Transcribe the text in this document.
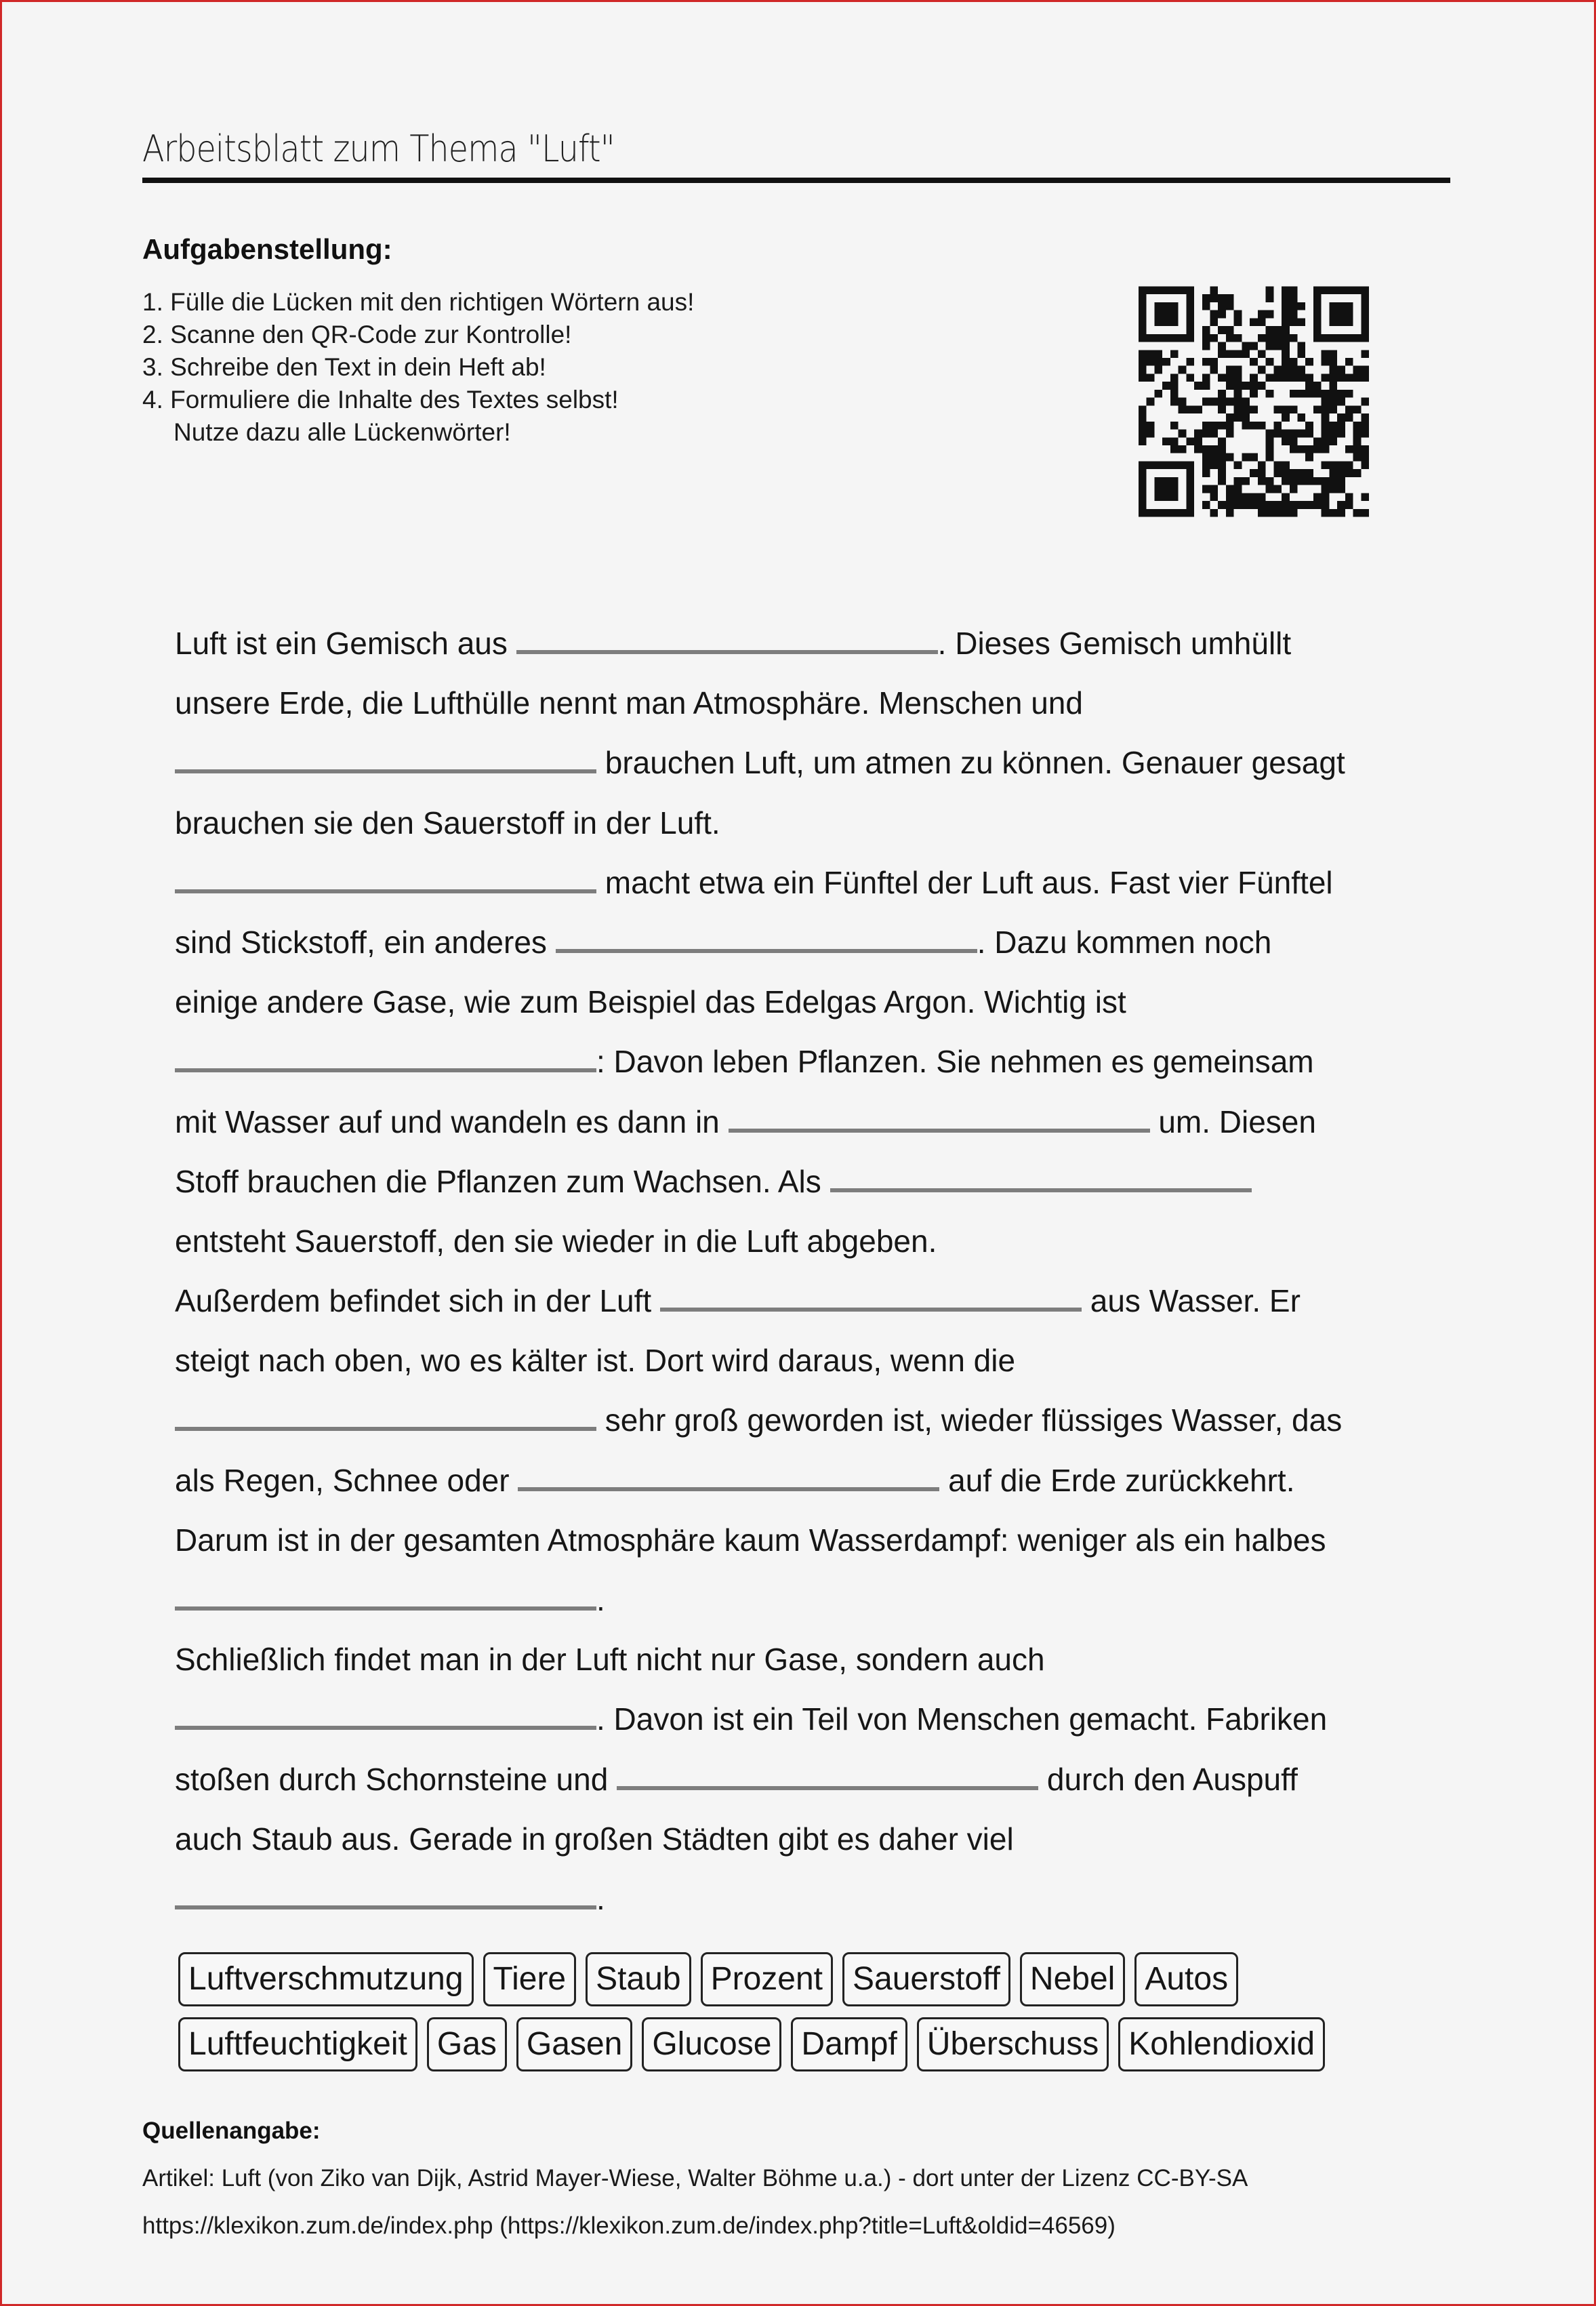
Arbeitsblatt zum Thema "Luft"
Aufgabenstellung:
1. Fülle die Lücken mit den richtigen Wörtern aus!
2. Scanne den QR-Code zur Kontrolle!
3. Schreibe den Text in dein Heft ab!
4. Formuliere die Inhalte des Textes selbst!
Nutze dazu alle Lückenwörter!
Luft ist ein Gemisch aus	. Dieses Gemisch umhüllt
unsere Erde, die Lufthülle nennt man Atmosphäre. Menschen und
brauchen Luft, um atmen zu können. Genauer gesagt
brauchen sie den Sauerstoff in der Luft.
macht etwa ein Fünftel der Luft aus. Fast vier Fünftel
sind Stickstoff, ein anderes	. Dazu kommen noch
einige andere Gase, wie zum Beispiel das Edelgas Argon. Wichtig ist
: Davon leben Pflanzen. Sie nehmen es gemeinsam
mit Wasser auf und wandeln es dann in	um. Diesen
Stoff brauchen die Pflanzen zum Wachsen. Als
entsteht Sauerstoff, den sie wieder in die Luft abgeben.
Außerdem befindet sich in der Luft	aus Wasser. Er
steigt nach oben, wo es kälter ist. Dort wird daraus, wenn die
sehr groß geworden ist, wieder flüssiges Wasser, das
als Regen, Schnee oder	auf die Erde zurückkehrt.
Darum ist in der gesamten Atmosphäre kaum Wasserdampf: weniger als ein halbes
.
Schließlich findet man in der Luft nicht nur Gase, sondern auch
. Davon ist ein Teil von Menschen gemacht. Fabriken
stoßen durch Schornsteine und	durch den Auspuff
auch Staub aus. Gerade in großen Städten gibt es daher viel
.
Luftverschmutzung Tiere Staub Prozent Sauerstoff Nebel Autos
Luftfeuchtigkeit Gas Gasen Glucose Dampf Überschuss Kohlendioxid
Quellenangabe:
Artikel: Luft (von Ziko van Dijk, Astrid Mayer-Wiese, Walter Böhme u.a.) - dort unter der Lizenz CC-BY-SA
https://klexikon.zum.de/index.php (https://klexikon.zum.de/index.php?title=Luft&oldid=46569)
